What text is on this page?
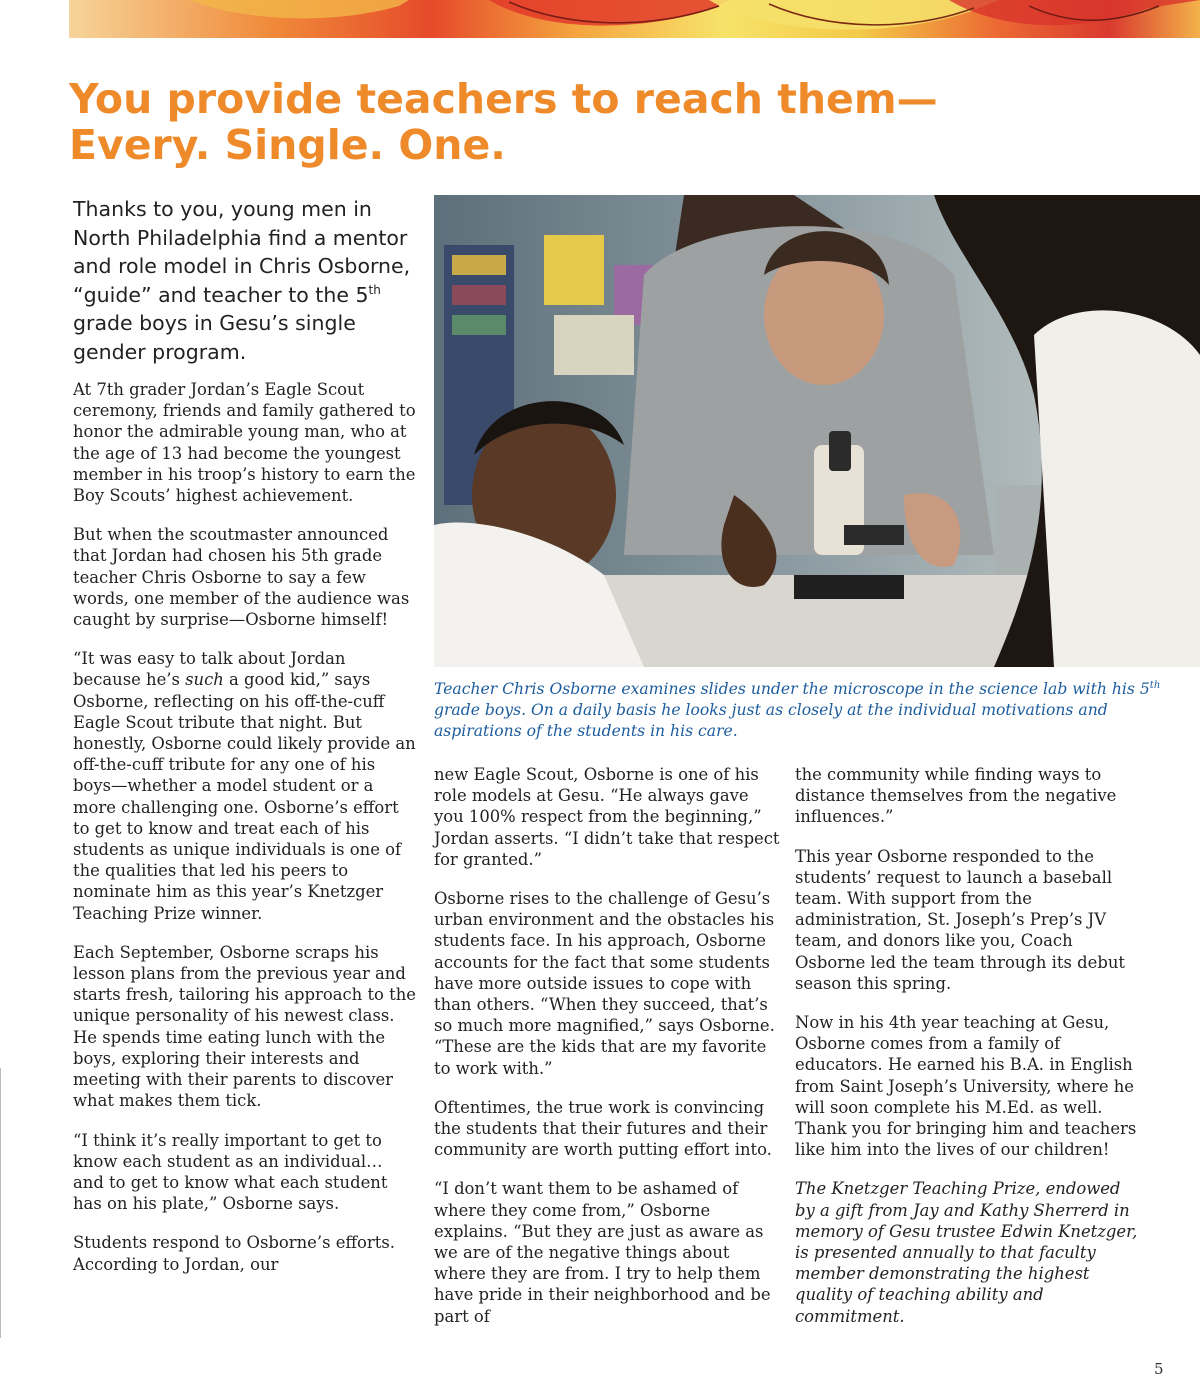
You provide teachers to reach them—
Every. Single. One.

Thanks to you, young men in North Philadelphia find a mentor and role model in Chris Osborne, “guide” and teacher to the 5th grade boys in Gesu’s single gender program.

At 7th grader Jordan’s Eagle Scout ceremony, friends and family gathered to honor the admirable young man, who at the age of 13 had become the youngest member in his troop’s history to earn the Boy Scouts’ highest achievement.

But when the scoutmaster announced that Jordan had chosen his 5th grade teacher Chris Osborne to say a few words, one member of the audience was caught by surprise—Osborne himself!

“It was easy to talk about Jordan because he’s such a good kid,” says Osborne, reflecting on his off-the-cuff Eagle Scout tribute that night. But honestly, Osborne could likely provide an off-the-cuff tribute for any one of his boys—whether a model student or a more challenging one. Osborne’s effort to get to know and treat each of his students as unique individuals is one of the qualities that led his peers to nominate him as this year’s Knetzger Teaching Prize winner.

Each September, Osborne scraps his lesson plans from the previous year and starts fresh, tailoring his approach to the unique personality of his newest class. He spends time eating lunch with the boys, exploring their interests and meeting with their parents to discover what makes them tick.

“I think it’s really important to get to know each student as an individual… and to get to know what each student has on his plate,” Osborne says.

Students respond to Osborne’s efforts. According to Jordan, our

Teacher Chris Osborne examines slides under the microscope in the science lab with his 5th grade boys. On a daily basis he looks just as closely at the individual motivations and aspirations of the students in his care.

new Eagle Scout, Osborne is one of his role models at Gesu. “He always gave you 100% respect from the beginning,” Jordan asserts. “I didn’t take that respect for granted.”

Osborne rises to the challenge of Gesu’s urban environment and the obstacles his students face. In his approach, Osborne accounts for the fact that some students have more outside issues to cope with than others. “When they succeed, that’s so much more magnified,” says Osborne. “These are the kids that are my favorite to work with.”

Oftentimes, the true work is convincing the students that their futures and their community are worth putting effort into.

“I don’t want them to be ashamed of where they come from,” Osborne explains. “But they are just as aware as we are of the negative things about where they are from. I try to help them have pride in their neighborhood and be part of

the community while finding ways to distance themselves from the negative influences.”

This year Osborne responded to the students’ request to launch a baseball team. With support from the administration, St. Joseph’s Prep’s JV team, and donors like you, Coach Osborne led the team through its debut season this spring.

Now in his 4th year teaching at Gesu, Osborne comes from a family of educators. He earned his B.A. in English from Saint Joseph’s University, where he will soon complete his M.Ed. as well. Thank you for bringing him and teachers like him into the lives of our children!

The Knetzger Teaching Prize, endowed by a gift from Jay and Kathy Sherrerd in memory of Gesu trustee Edwin Knetzger, is presented annually to that faculty member demonstrating the highest quality of teaching ability and commitment.

5
